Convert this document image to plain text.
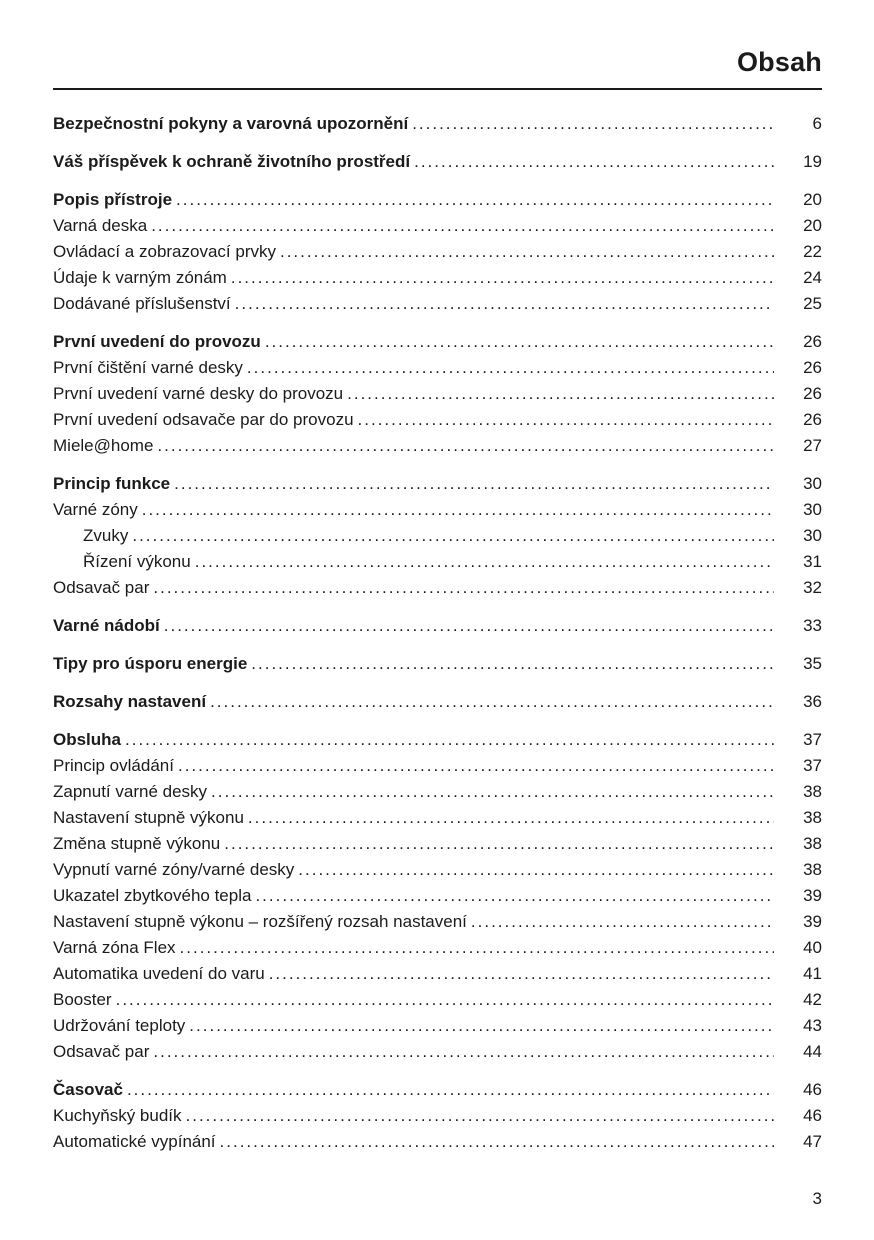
Obsah
Bezpečnostní pokyny a varovná upozornění .....	6
Váš příspěvek k ochraně životního prostředí .....	19
Popis přístroje .....	20
Varná deska .....	20
Ovládací a zobrazovací prvky .....	22
Údaje k varným zónám .....	24
Dodávané příslušenství .....	25
První uvedení do provozu .....	26
První čištění varné desky .....	26
První uvedení varné desky do provozu .....	26
První uvedení odsavače par do provozu .....	26
Miele@home .....	27
Princip funkce .....	30
Varné zóny .....	30
Zvuky .....	30
Řízení výkonu .....	31
Odsavač par .....	32
Varné nádobí .....	33
Tipy pro úsporu energie .....	35
Rozsahy nastavení .....	36
Obsluha .....	37
Princip ovládání .....	37
Zapnutí varné desky .....	38
Nastavení stupně výkonu .....	38
Změna stupně výkonu .....	38
Vypnutí varné zóny/varné desky .....	38
Ukazatel zbytkového tepla .....	39
Nastavení stupně výkonu – rozšířený rozsah nastavení .....	39
Varná zóna Flex .....	40
Automatika uvedení do varu .....	41
Booster .....	42
Udržování teploty .....	43
Odsavač par .....	44
Časovač .....	46
Kuchyňský budík .....	46
Automatické vypínání .....	47
3
